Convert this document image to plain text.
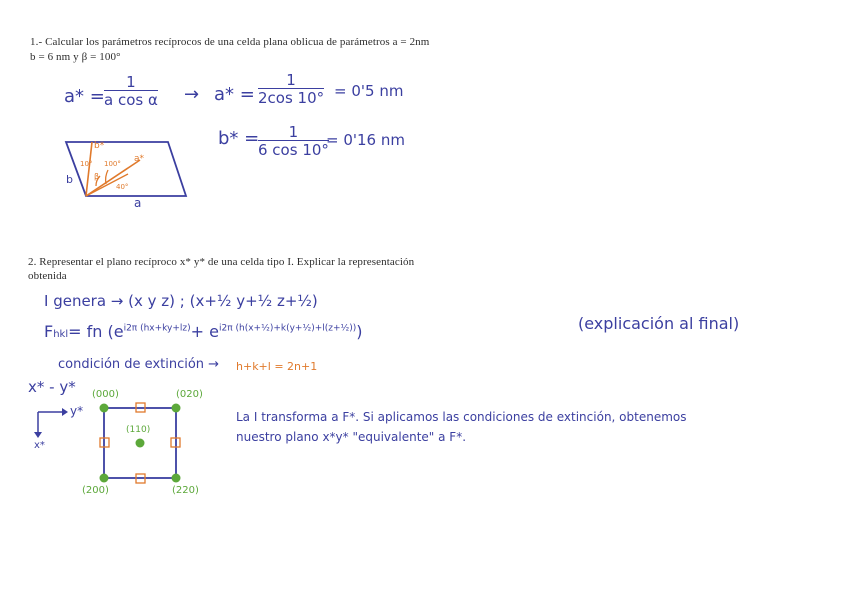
1.- Calcular los parámetros recíprocos de una celda plana oblicua de parámetros a = 2nm
b = 6 nm y β = 100°
$a* = \frac{1}{\text{a cos α}} \to a* = \frac{1}{2\cos 10^\circ} = 0'5$ nm
b* =
$\frac{1}{6 \cos 10^\circ}$
= 0'16 nm
b
a
b*
a*
10° 100°
β
40°
2. Representar el plano recíproco x* y* de una celda tipo I. Explicar la representación
obtenida
I genera → (x y z) ; (x+½ y+½ z+½)
Fhkl= fn $(e^{i2\pi (hx+ky+lz)}+ e^{i2\pi (h(x+\frac{1}{2})+k(y+\frac{1}{2})+l(z+\frac{1}{2}))})$	(explicación al final)
condición de extinción → h+k+l = 2n+1
x* - y*
y*
x*
(000)	(020)
(110)
(200)	(220)
La I transforma a F*. Si aplicamos las condiciones de extinción, obtenemos
nuestro plano x*y* "equivalente" a F*.
